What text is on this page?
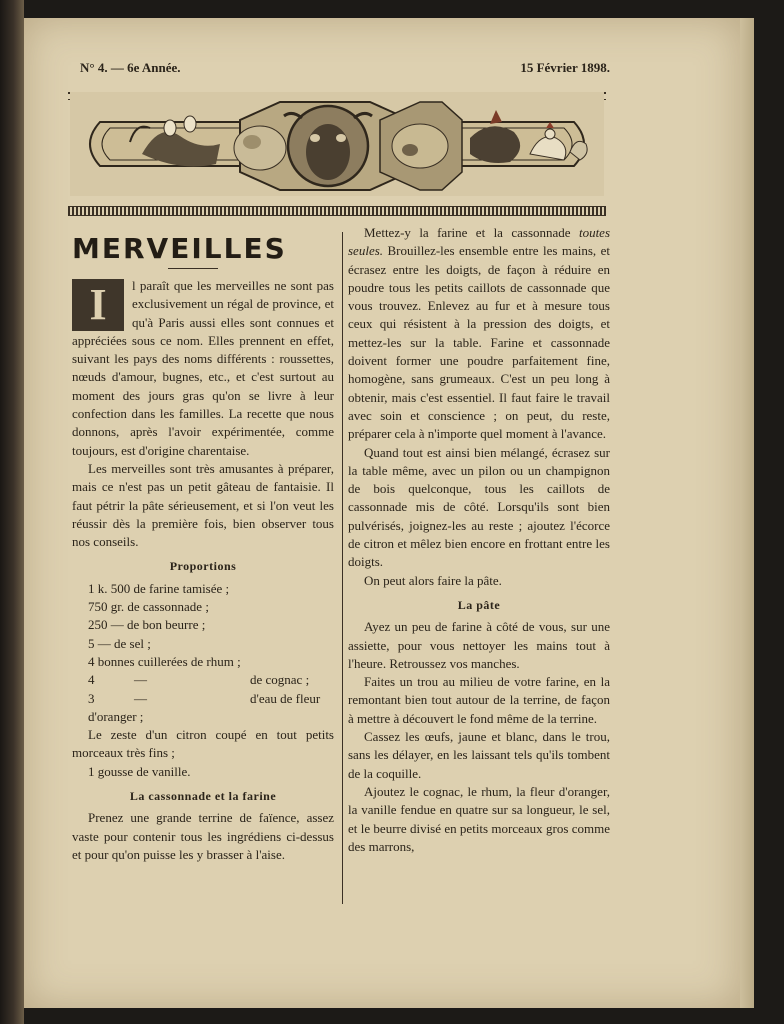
N° 4. — 6e Année.	15 Février 1898.
MERVEILLES
I	l paraît que les merveilles ne sont pas exclusivement un régal de province, et qu'à Paris aussi elles sont connues et appréciées sous ce nom. Elles prennent en effet, suivant les pays des noms différents : roussettes, nœuds d'amour, bugnes, etc., et c'est surtout au moment des jours gras qu'on se livre à leur confection dans les familles. La recette que nous donnons, après l'avoir expérimentée, comme toujours, est d'origine charentaise.

Les merveilles sont très amusantes à préparer, mais ce n'est pas un petit gâteau de fantaisie. Il faut pétrir la pâte sérieusement, et si l'on veut les réussir dès la première fois, bien observer tous nos conseils.

Proportions
1 k. 500 de farine tamisée ;
750 gr. de cassonnade ;
250 — de bon beurre ;
5 — de sel ;
4 bonnes cuillerées de rhum ;
4	—	de cognac ;
3	—	d'eau de fleur d'oranger ;

Le zeste d'un citron coupé en tout petits morceaux très fins ;

1 gousse de vanille.
La cassonnade et la farine

Prenez une grande terrine de faïence, assez vaste pour contenir tous les ingrédiens ci-dessus et pour qu'on puisse les y brasser à l'aise.

Mettez-y la farine et la cassonnade toutes seules. Brouillez-les ensemble entre les mains, et écrasez entre les doigts, de façon à réduire en poudre tous les petits caillots de cassonnade que vous trouvez. Enlevez au fur et à mesure tous ceux qui résistent à la pression des doigts, et mettez-les sur la table. Farine et cassonnade doivent former une poudre parfaitement fine, homogène, sans grumeaux. C'est un peu long à obtenir, mais c'est essentiel. Il faut faire le travail avec soin et conscience ; on peut, du reste, préparer cela à n'importe quel moment à l'avance.

Quand tout est ainsi bien mélangé, écrasez sur la table même, avec un pilon ou un champignon de bois quelconque, tous les caillots de cassonnade mis de côté. Lorsqu'ils sont bien pulvérisés, joignez-les au reste ; ajoutez l'écorce de citron et mêlez bien encore en frottant entre les doigts.

On peut alors faire la pâte.

La pâte

Ayez un peu de farine à côté de vous, sur une assiette, pour vous nettoyer les mains tout à l'heure. Retroussez vos manches.

Faites un trou au milieu de votre farine, en la remontant bien tout autour de la terrine, de façon à mettre à découvert le fond même de la terrine.

Cassez les œufs, jaune et blanc, dans le trou, sans les délayer, en les laissant tels qu'ils tombent de la coquille.

Ajoutez le cognac, le rhum, la fleur d'oranger, la vanille fendue en quatre sur sa longueur, le sel, et le beurre divisé en petits morceaux gros comme des marrons,
